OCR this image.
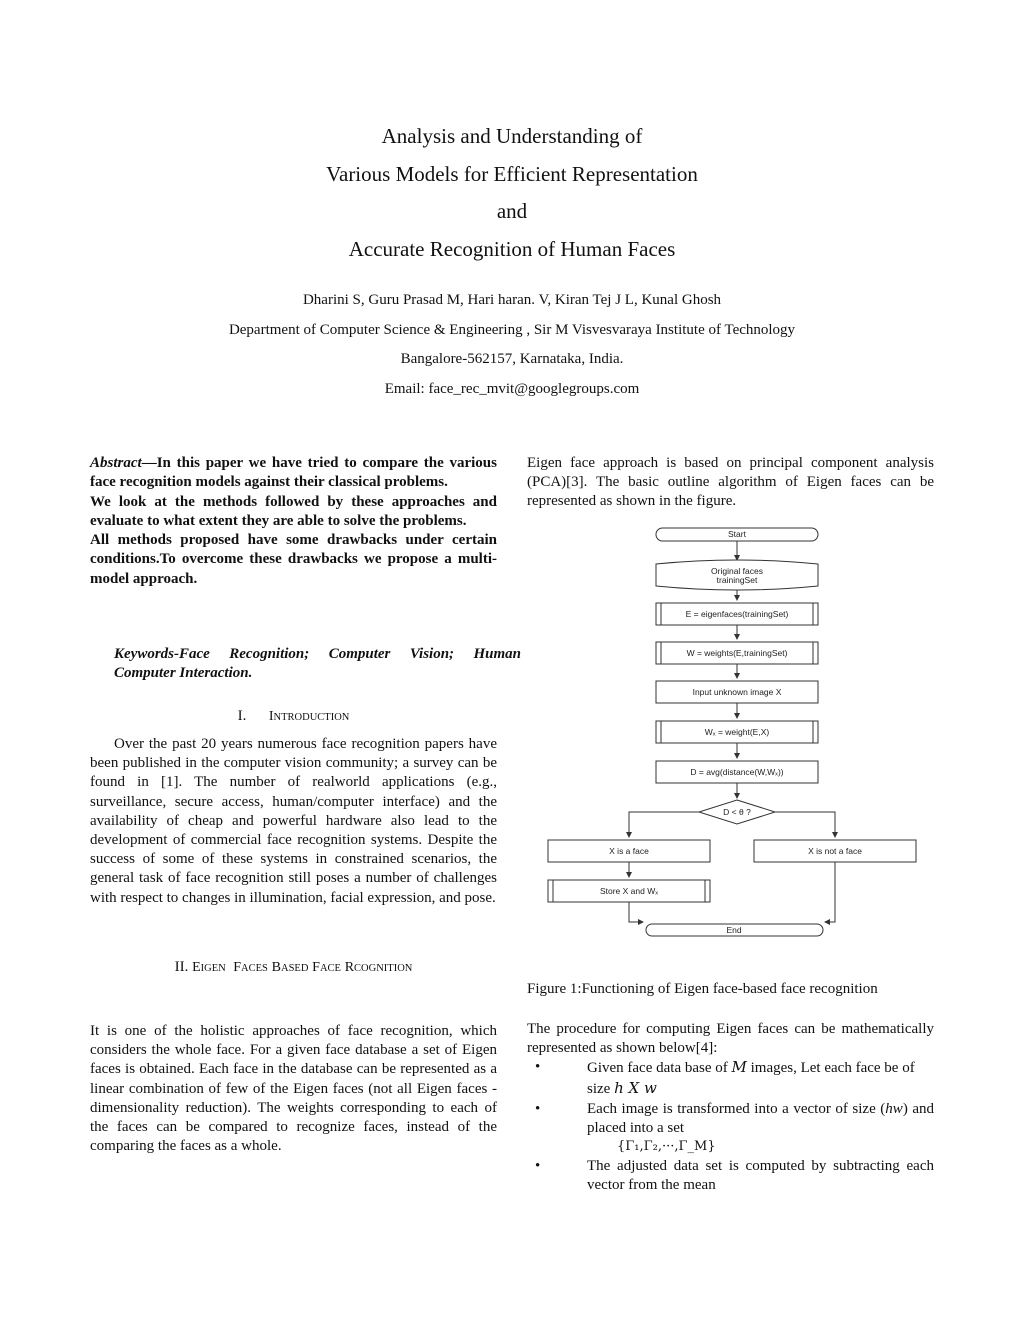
Analysis and Understanding of
Various Models for Efficient Representation
and
Accurate Recognition of Human Faces
Dharini S, Guru Prasad M, Hari haran. V, Kiran Tej J L, Kunal Ghosh
Department of Computer Science & Engineering , Sir M Visvesvaraya Institute of Technology
Bangalore-562157, Karnataka, India.
Email: face_rec_mvit@googlegroups.com
Abstract—In this paper we have tried to compare the various face recognition models against their classical problems.
We look at the methods followed by these approaches and evaluate to what extent they are able to solve the problems.
All methods proposed have some drawbacks under certain conditions.To overcome these drawbacks we propose a multi-model approach.
Keywords-Face Recognition; Computer Vision; Human Computer Interaction.
I. INTRODUCTION

Over the past 20 years numerous face recognition papers have been published in the computer vision community; a survey can be found in [1]. The number of realworld applications (e.g., surveillance, secure access, human/computer interface) and the availability of cheap and powerful hardware also lead to the development of commercial face recognition systems. Despite the success of some of these systems in constrained scenarios, the general task of face recognition still poses a number of challenges with respect to changes in illumination, facial expression, and pose.

II. EIGEN FACES BASED FACE RCOGNITION
It is one of the holistic approaches of face recognition, which considers the whole face. For a given face database a set of Eigen faces is obtained. Each face in the database can be represented as a linear combination of few of the Eigen faces (not all Eigen faces - dimensionality reduction). The weights corresponding to each of the faces can be compared to recognize faces, instead of the comparing the faces as a whole.
Eigen face approach is based on principal component analysis (PCA)[3]. The basic outline algorithm of Eigen faces can be represented as shown in the figure.
Start
Original faces
trainingSet
E = eigenfaces(trainingSet)
W = weights(E,trainingSet)
Input unknown image X
Wₓ = weight(E,X)
D = avg(distance(W,Wₓ))
D < θ ?
X is a face	X is not a face
Store X and Wₓ
End
Figure 1:Functioning of Eigen face-based face recognition

The procedure for computing Eigen faces can be mathematically represented as shown below[4]:

•	Given face data base of M images, Let each face be of size h X w
•	Each image is transformed into a vector of size (hw) and placed into a set
{Γ₁,Γ₂,···,Γ_M}
•	The adjusted data set is computed by subtracting each vector from the mean
